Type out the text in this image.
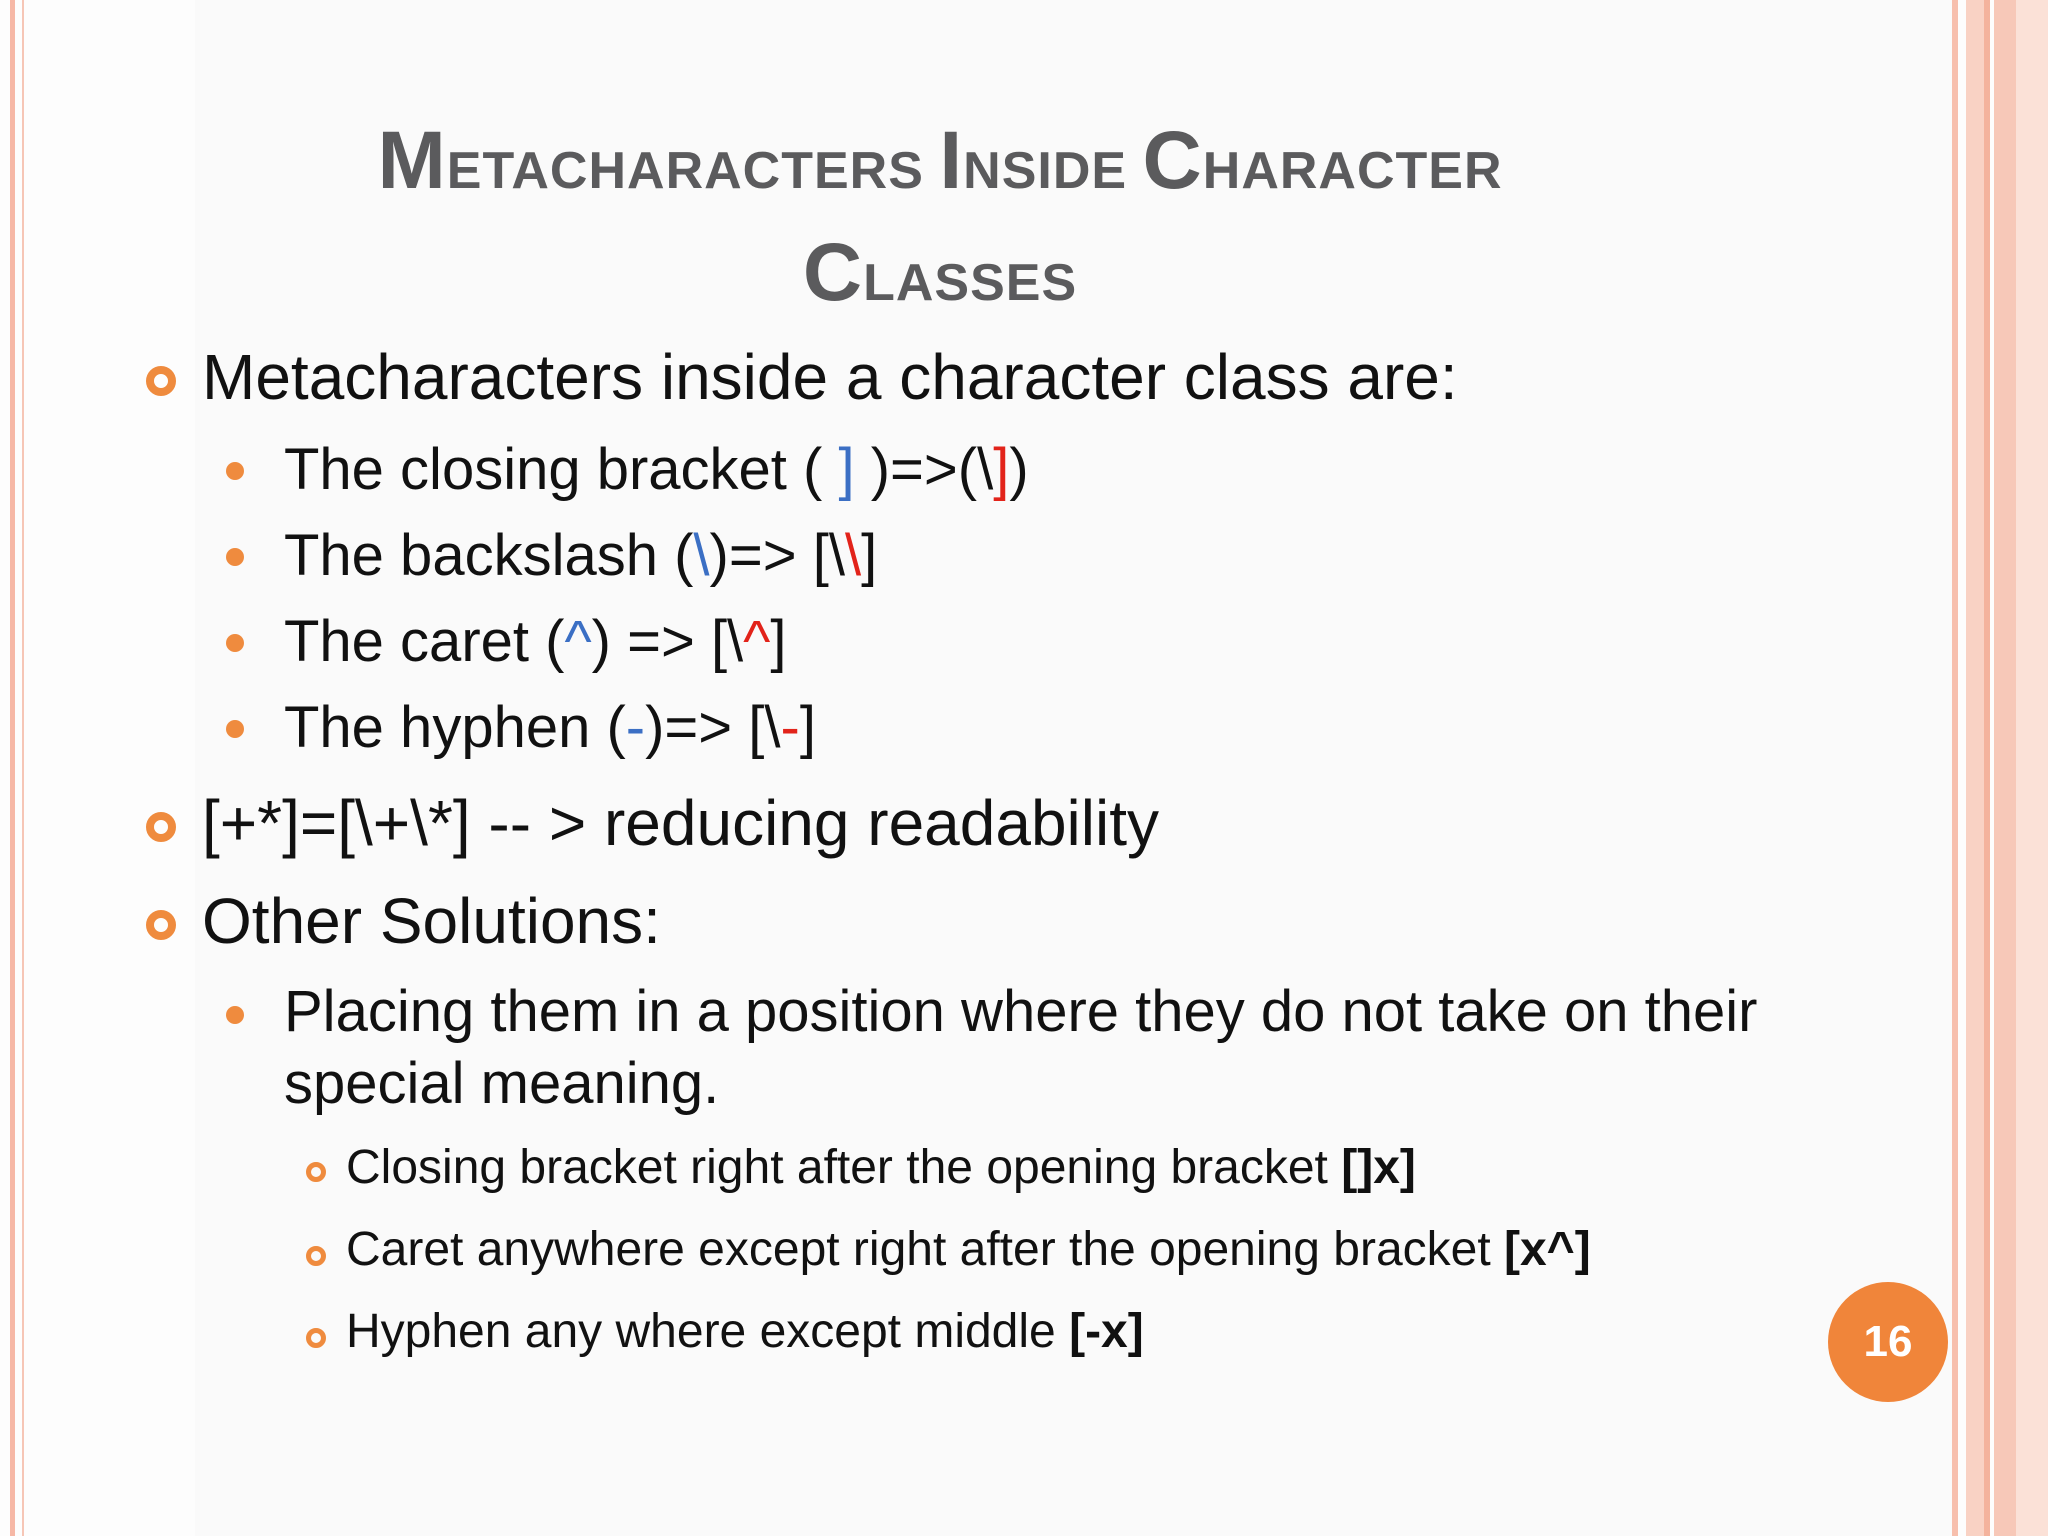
METACHARACTERS INSIDE CHARACTER
CLASSES
Metacharacters inside a character class are:
The closing bracket ( ] )=>(\])
The backslash (\)=> [\\]
The caret (^) => [\^]
The hyphen (-)=> [\-]
[+*]=[\+\*] -- > reducing readability
Other Solutions:
Placing them in a position where they do not take on their
special meaning.
Closing bracket right after the opening bracket []x]
Caret anywhere except right after the opening bracket [x^]
Hyphen any where except middle [-x]	16
